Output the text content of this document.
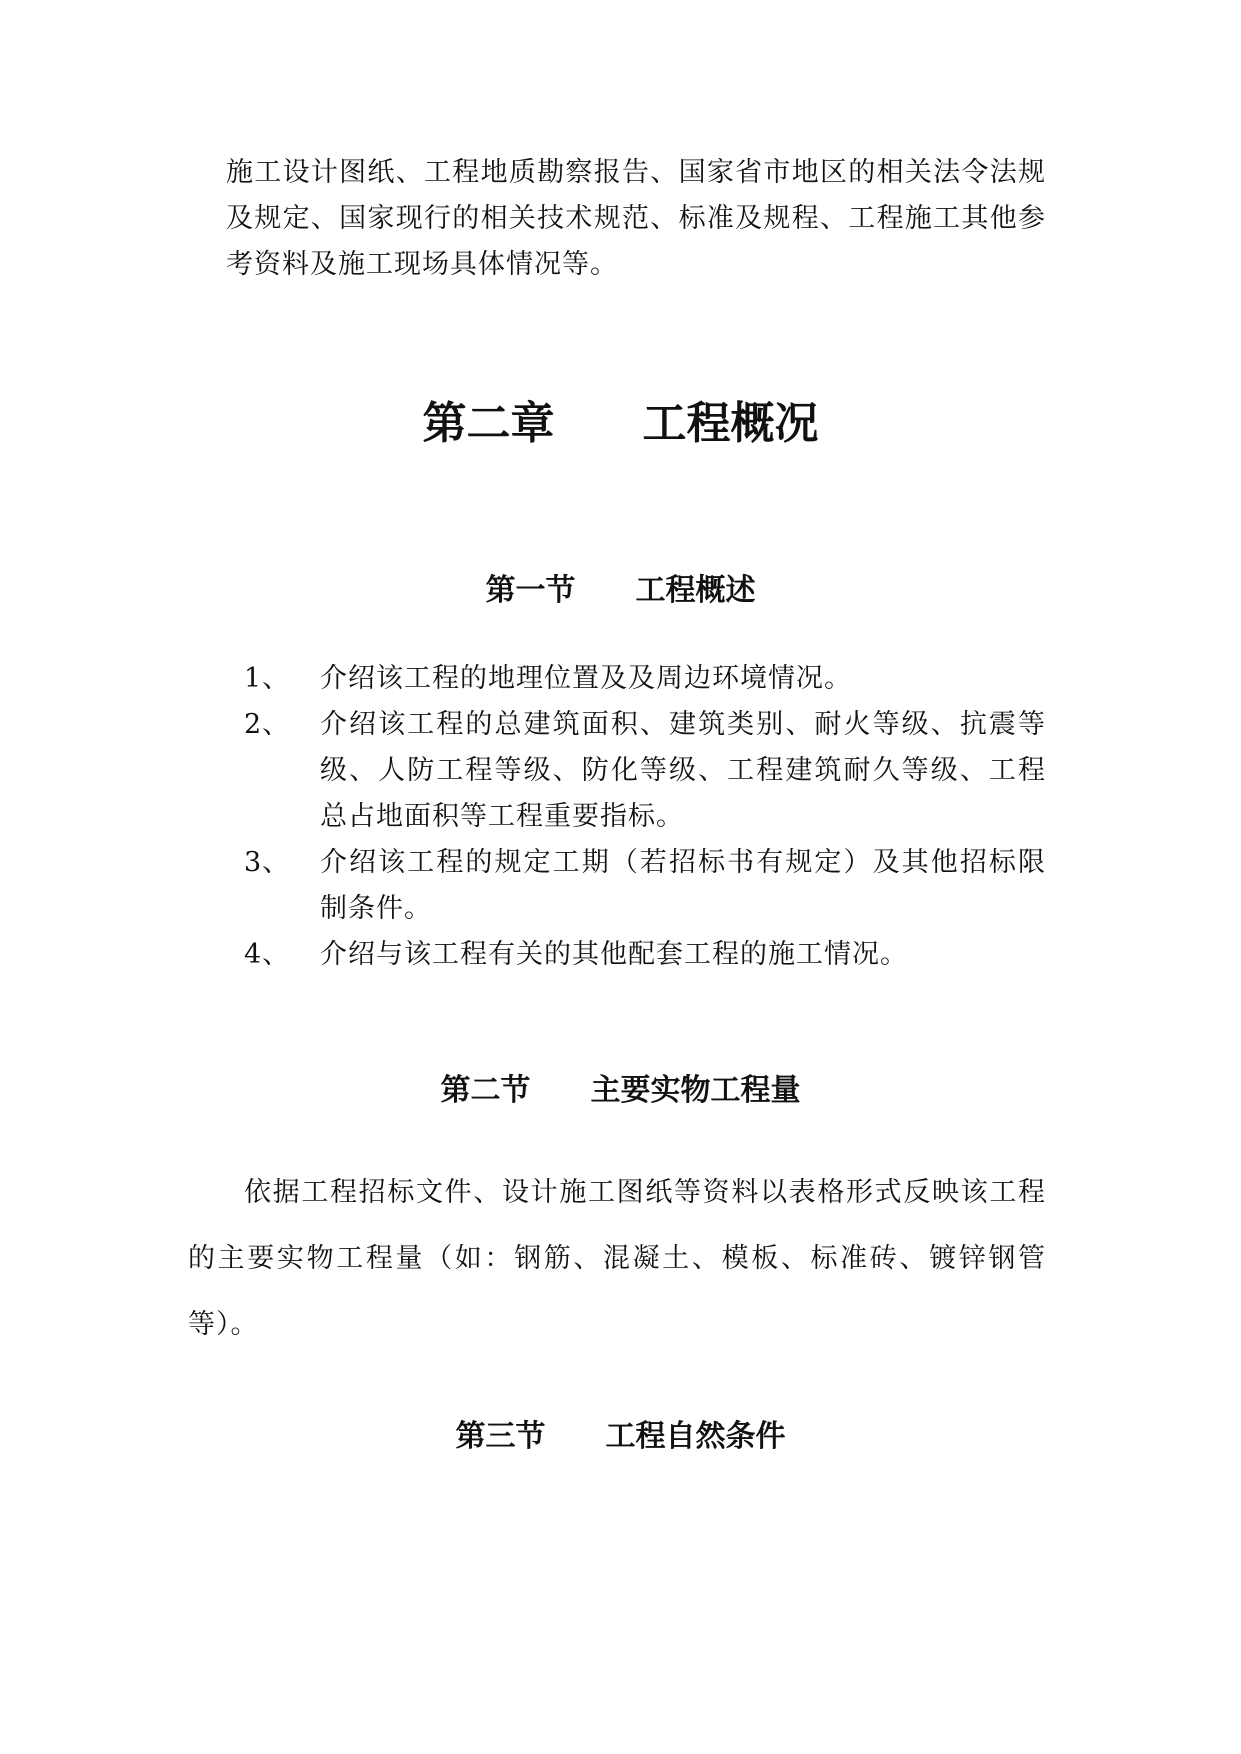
施工设计图纸、工程地质勘察报告、国家省市地区的相关法令法规及规定、国家现行的相关技术规范、标准及规程、工程施工其他参考资料及施工现场具体情况等。

第二章　　工程概况
第一节　　工程概述
1、	介绍该工程的地理位置及及周边环境情况。
2、	介绍该工程的总建筑面积、建筑类别、耐火等级、抗震等级、人防工程等级、防化等级、工程建筑耐久等级、工程总占地面积等工程重要指标。
3、	介绍该工程的规定工期（若招标书有规定）及其他招标限制条件。
4、	介绍与该工程有关的其他配套工程的施工情况。
第二节　　主要实物工程量

依据工程招标文件、设计施工图纸等资料以表格形式反映该工程的主要实物工程量（如：钢筋、混凝土、模板、标准砖、镀锌钢管等）。

第三节　　工程自然条件
